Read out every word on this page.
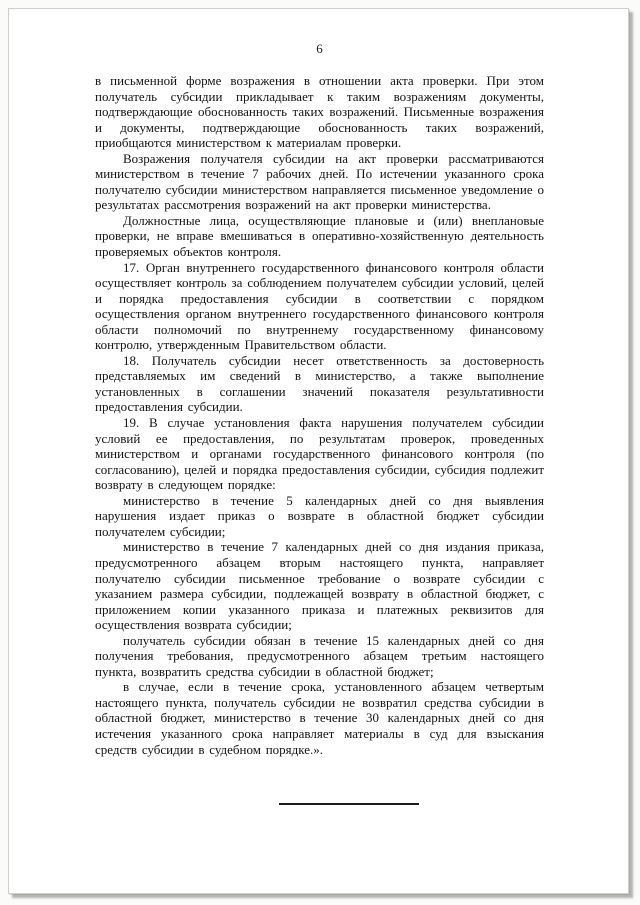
6

в письменной форме возражения в отношении акта проверки. При этом получатель субсидии прикладывает к таким возражениям документы, подтверждающие обоснованность таких возражений. Письменные возражения и документы, подтверждающие обоснованность таких возражений, приобщаются министерством к материалам проверки.

Возражения получателя субсидии на акт проверки рассматриваются министерством в течение 7 рабочих дней. По истечении указанного срока получателю субсидии министерством направляется письменное уведомление о результатах рассмотрения возражений на акт проверки министерства.

Должностные лица, осуществляющие плановые и (или) внеплановые проверки, не вправе вмешиваться в оперативно-хозяйственную деятельность проверяемых объектов контроля.

17. Орган внутреннего государственного финансового контроля области осуществляет контроль за соблюдением получателем субсидии условий, целей и порядка предоставления субсидии в соответствии с порядком осуществления органом внутреннего государственного финансового контроля области полномочий по внутреннему государственному финансовому контролю, утвержденным Правительством области.

18. Получатель субсидии несет ответственность за достоверность представляемых им сведений в министерство, а также выполнение установленных в соглашении значений показателя результативности предоставления субсидии.

19. В случае установления факта нарушения получателем субсидии условий ее предоставления, по результатам проверок, проведенных министерством и органами государственного финансового контроля (по согласованию), целей и порядка предоставления субсидии, субсидия подлежит возврату в следующем порядке:

министерство в течение 5 календарных дней со дня выявления нарушения издает приказ о возврате в областной бюджет субсидии получателем субсидии;

министерство в течение 7 календарных дней со дня издания приказа, предусмотренного абзацем вторым настоящего пункта, направляет получателю субсидии письменное требование о возврате субсидии с указанием размера субсидии, подлежащей возврату в областной бюджет, с приложением копии указанного приказа и платежных реквизитов для осуществления возврата субсидии;

получатель субсидии обязан в течение 15 календарных дней со дня получения требования, предусмотренного абзацем третьим настоящего пункта, возвратить средства субсидии в областной бюджет;

в случае, если в течение срока, установленного абзацем четвертым настоящего пункта, получатель субсидии не возвратил средства субсидии в областной бюджет, министерство в течение 30 календарных дней со дня истечения указанного срока направляет материалы в суд для взыскания средств субсидии в судебном порядке.».
